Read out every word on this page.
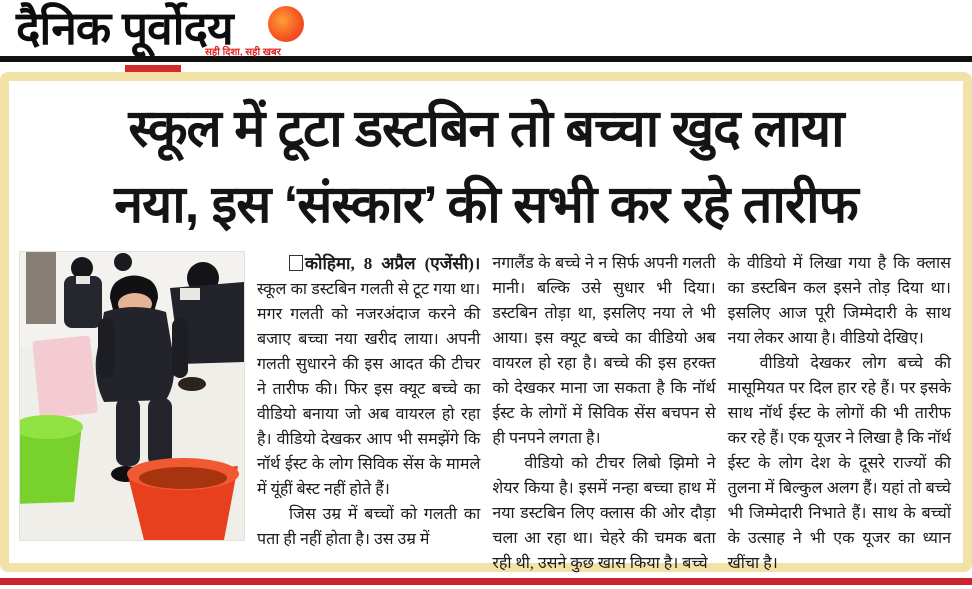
दैनिक पूर्वोदय
सही दिशा, सही खबर
स्कूल में टूटा डस्टबिन तो बच्चा खुद लाया
नया, इस ‘संस्कार’ की सभी कर रहे तारीफ

कोहिमा, 8 अप्रैल (एजेंसी)। स्कूल का डस्टबिन गलती से टूट गया था। मगर गलती को नजरअंदाज करने की बजाए बच्चा नया खरीद लाया। अपनी गलती सुधारने की इस आदत की टीचर ने तारीफ की। फिर इस क्यूट बच्चे का वीडियो बनाया जो अब वायरल हो रहा है। वीडियो देखकर आप भी समझेंगे कि नॉर्थ ईस्ट के लोग सिविक सेंस के मामले में यूंहीं बेस्ट नहीं होते हैं।

जिस उम्र में बच्चों को गलती का पता ही नहीं होता है। उस उम्र में

नगालैंड के बच्चे ने न सिर्फ अपनी गलती मानी। बल्कि उसे सुधार भी दिया। डस्टबिन तोड़ा था, इसलिए नया ले भी आया। इस क्यूट बच्चे का वीडियो अब वायरल हो रहा है। बच्चे की इस हरक्त को देखकर माना जा सकता है कि नॉर्थ ईस्ट के लोगों में सिविक सेंस बचपन से ही पनपने लगता है।

वीडियो को टीचर लिबो झिमो ने शेयर किया है। इसमें नन्हा बच्चा हाथ में नया डस्टबिन लिए क्लास की ओर दौड़ा चला आ रहा था। चेहरे की चमक बता रही थी, उसने कुछ खास किया है। बच्चे

के वीडियो में लिखा गया है कि क्लास का डस्टबिन कल इसने तोड़ दिया था। इसलिए आज पूरी जिम्मेदारी के साथ नया लेकर आया है। वीडियो देखिए।

वीडियो देखकर लोग बच्चे की मासूमियत पर दिल हार रहे हैं। पर इसके साथ नॉर्थ ईस्ट के लोगों की भी तारीफ कर रहे हैं। एक यूजर ने लिखा है कि नॉर्थ ईस्ट के लोग देश के दूसरे राज्यों की तुलना में बिल्कुल अलग हैं। यहां तो बच्चे भी जिम्मेदारी निभाते हैं। साथ के बच्चों के उत्साह ने भी एक यूजर का ध्यान खींचा है।
